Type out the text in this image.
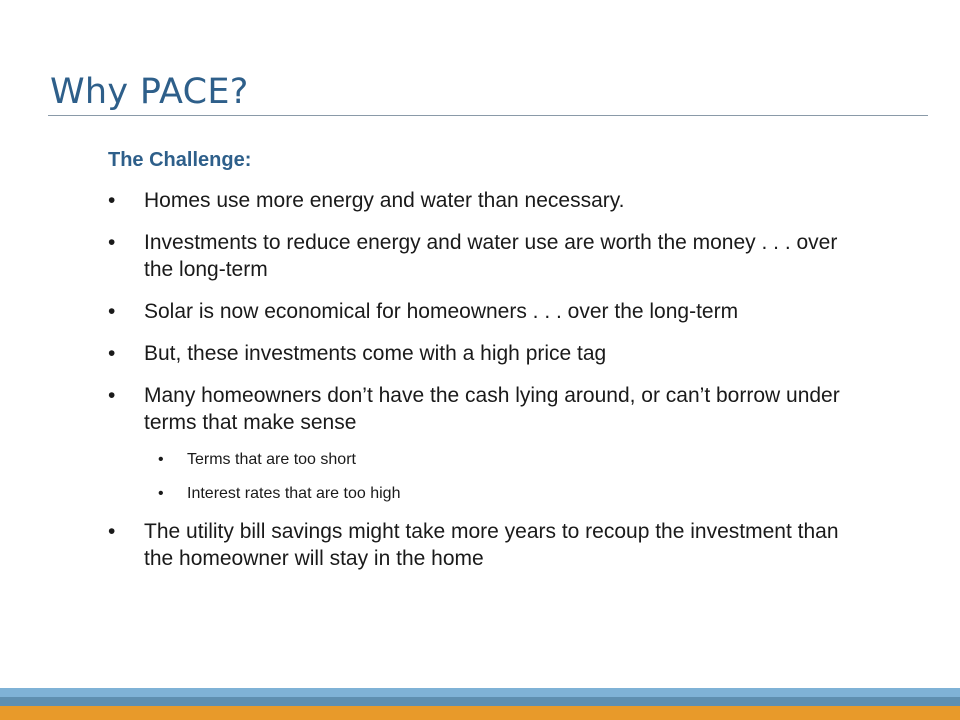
Why PACE?
The Challenge:
• Homes use more energy and water than necessary.
• Investments to reduce energy and water use are worth the money . . . over the long-term
• Solar is now economical for homeowners . . . over the long-term
• But, these investments come with a high price tag
• Many homeowners don’t have the cash lying around, or can’t borrow under terms that make sense
• Terms that are too short
• Interest rates that are too high
• The utility bill savings might take more years to recoup the investment than the homeowner will stay in the home
